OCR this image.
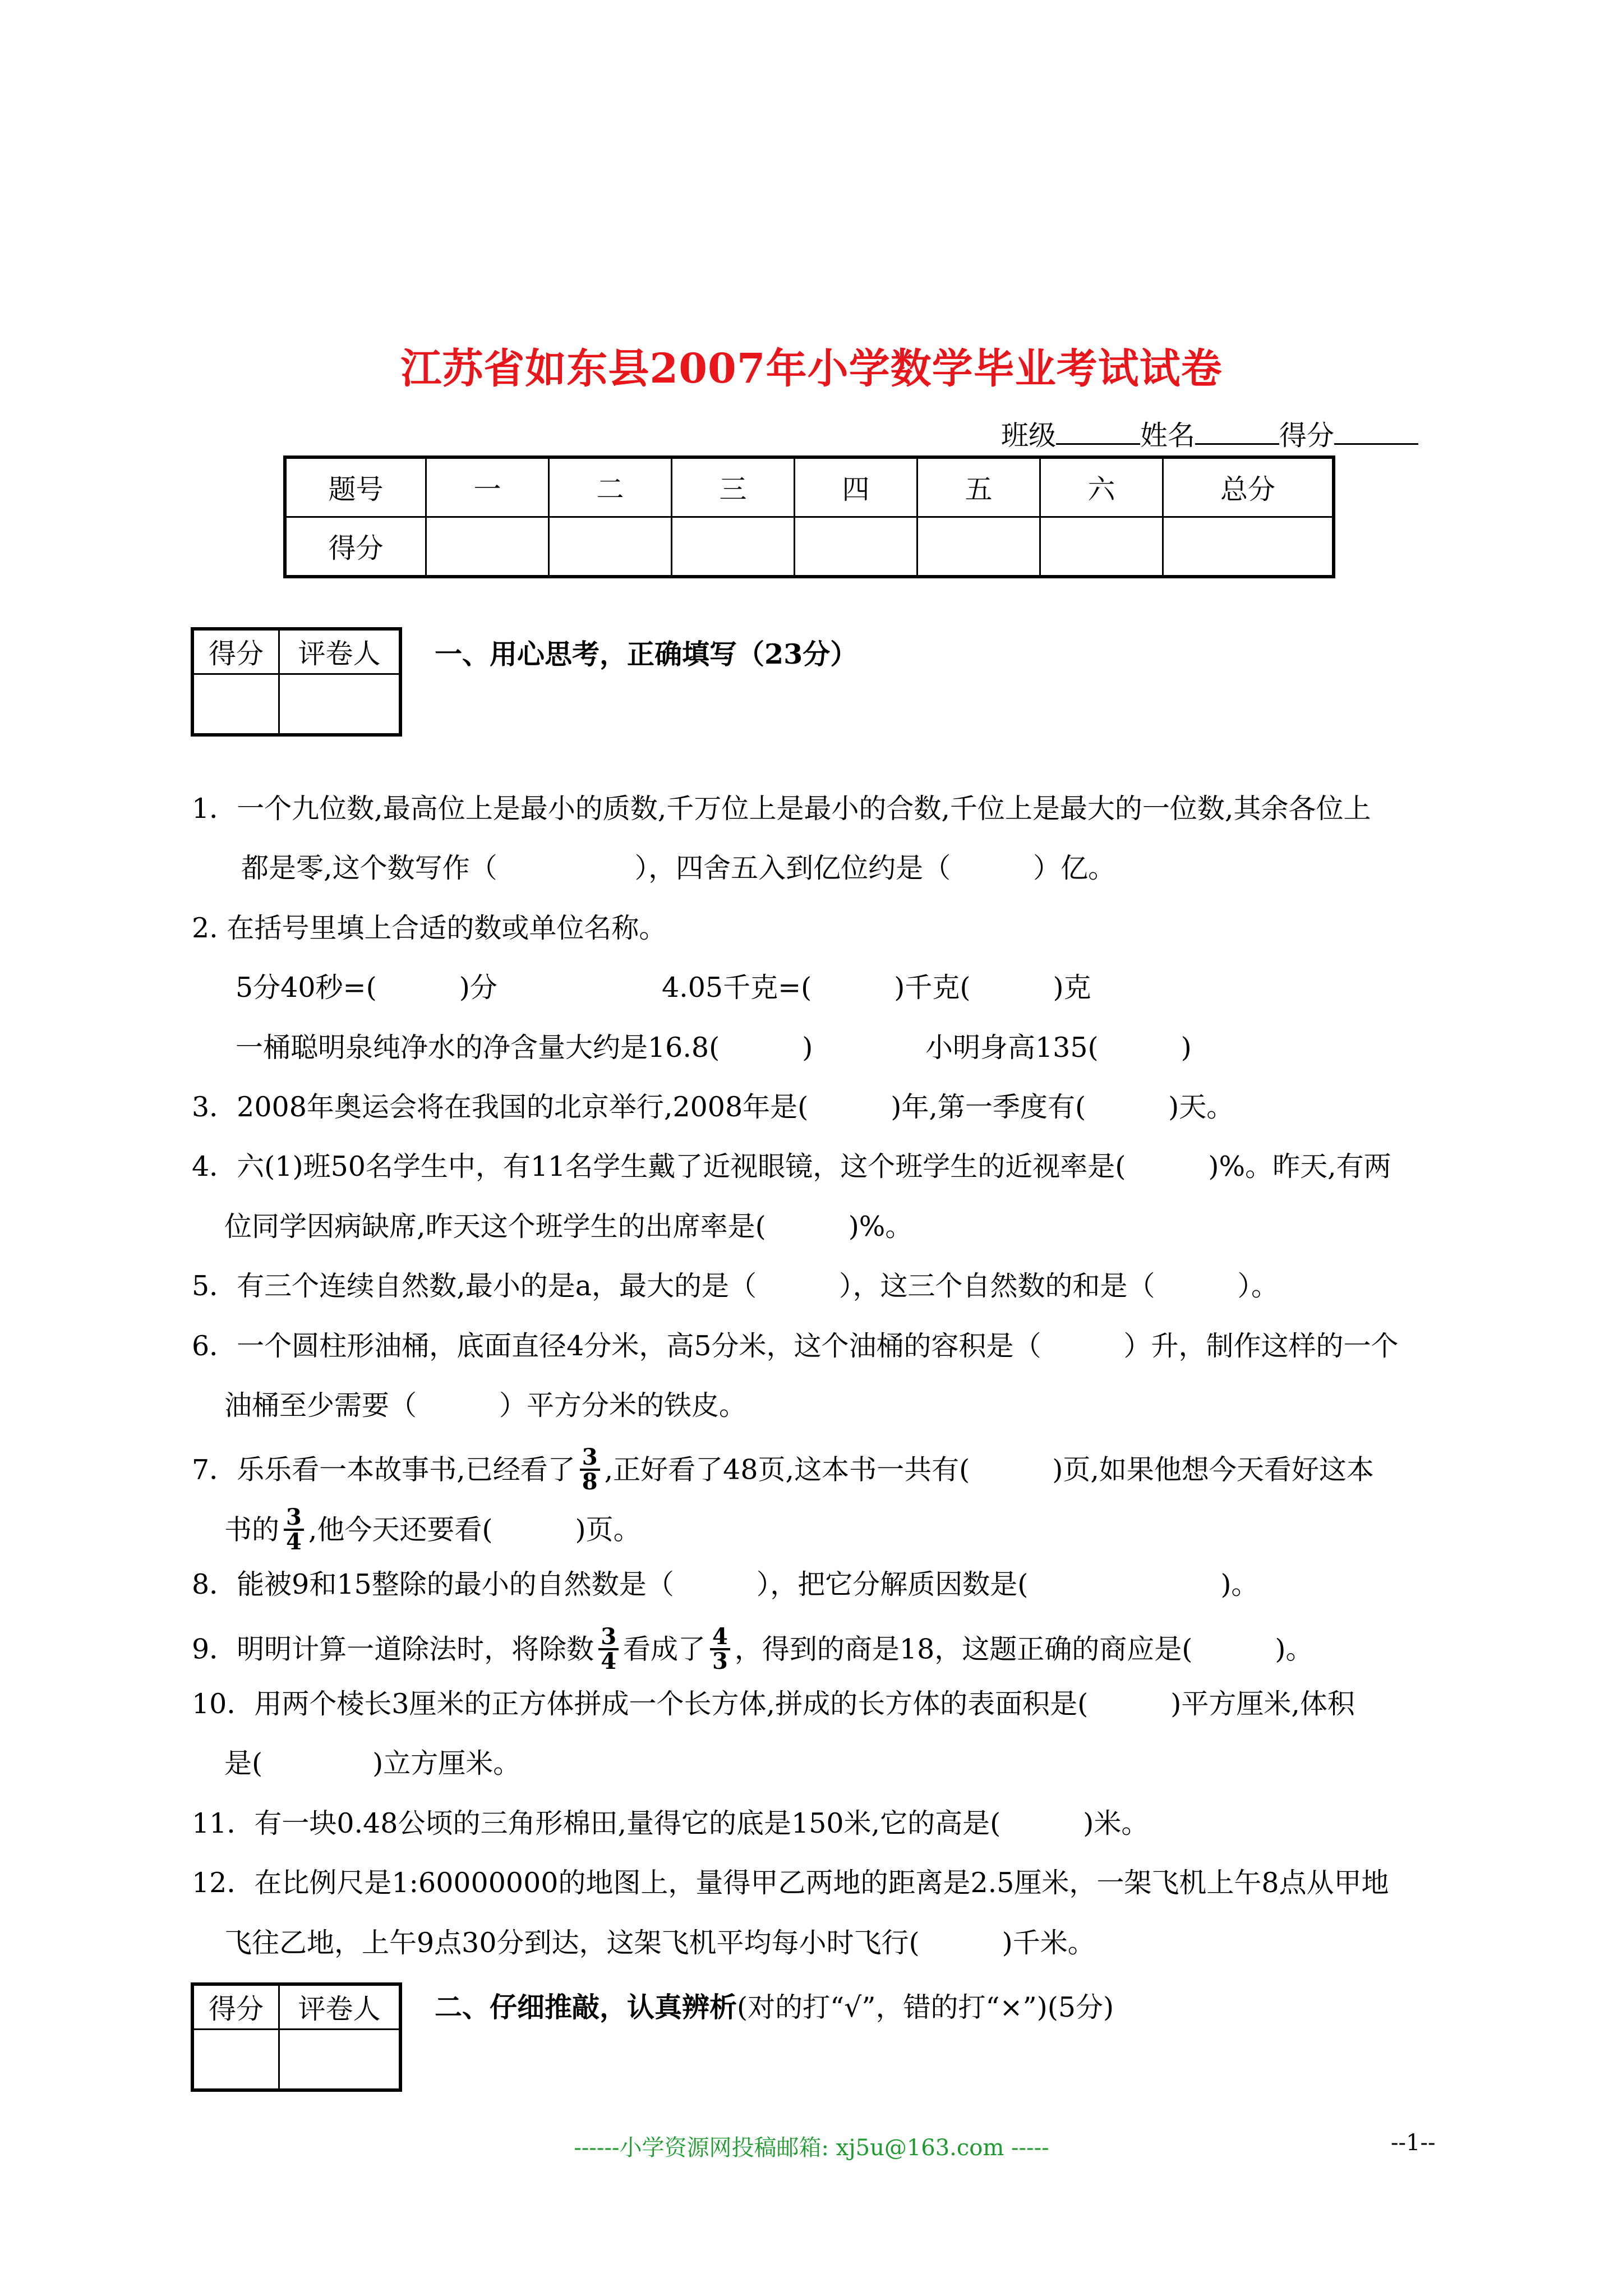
江苏省如东县2007年小学数学毕业考试试卷
班级	姓名	得分
题号	一	二	三	四	五	六	总分
得分							
得分	评卷人
	一、用心思考，正确填写（23分）
1．一个九位数,最高位上是最小的质数,千万位上是最小的合数,千位上是最大的一位数,其余各位上
都是零,这个数写作（　　　　　），四舍五入到亿位约是（　　　）亿。
2. 在括号里填上合适的数或单位名称。
5分40秒=(　　　)分	4.05千克=(　　　)千克(　　　)克
一桶聪明泉纯净水的净含量大约是16.8(　　　)	小明身高135(　　　)
3．2008年奥运会将在我国的北京举行,2008年是(　　　)年,第一季度有(　　　)天。
4．六(1)班50名学生中，有11名学生戴了近视眼镜，这个班学生的近视率是(　　　)%。昨天,有两
位同学因病缺席,昨天这个班学生的出席率是(　　　)%。
5．有三个连续自然数,最小的是a，最大的是（　　　），这三个自然数的和是（　　　）。
6．一个圆柱形油桶，底面直径4分米，高5分米，这个油桶的容积是（　　　）升，制作这样的一个
油桶至少需要（　　　）平方分米的铁皮。
7．乐乐看一本故事书,已经看了 $\frac{3}{8}$ ,正好看了48页,这本书一共有(　　　)页,如果他想今天看好这本
书的 $\frac{3}{4}$ ,他今天还要看(　　　)页。
8．能被9和15整除的最小的自然数是（　　　），把它分解质因数是(　　　　　　　)。
9．明明计算一道除法时，将除数 $\frac{3}{4}$ 看成了 $\frac{4}{3}$ ，得到的商是18，这题正确的商应是(　　　)。
10．用两个棱长3厘米的正方体拼成一个长方体,拼成的长方体的表面积是(　　　)平方厘米,体积
是(　　　　)立方厘米。
11．有一块0.48公顷的三角形棉田,量得它的底是150米,它的高是(　　　)米。
12．在比例尺是1:60000000的地图上，量得甲乙两地的距离是2.5厘米，一架飞机上午8点从甲地
飞往乙地，上午9点30分到达，这架飞机平均每小时飞行(　　　)千米。
得分	评卷人
	二、仔细推敲，认真辨析(对的打“√”，错的打“×”)(5分)
------小学资源网投稿邮箱: xj5u@163.com -----	--1--
